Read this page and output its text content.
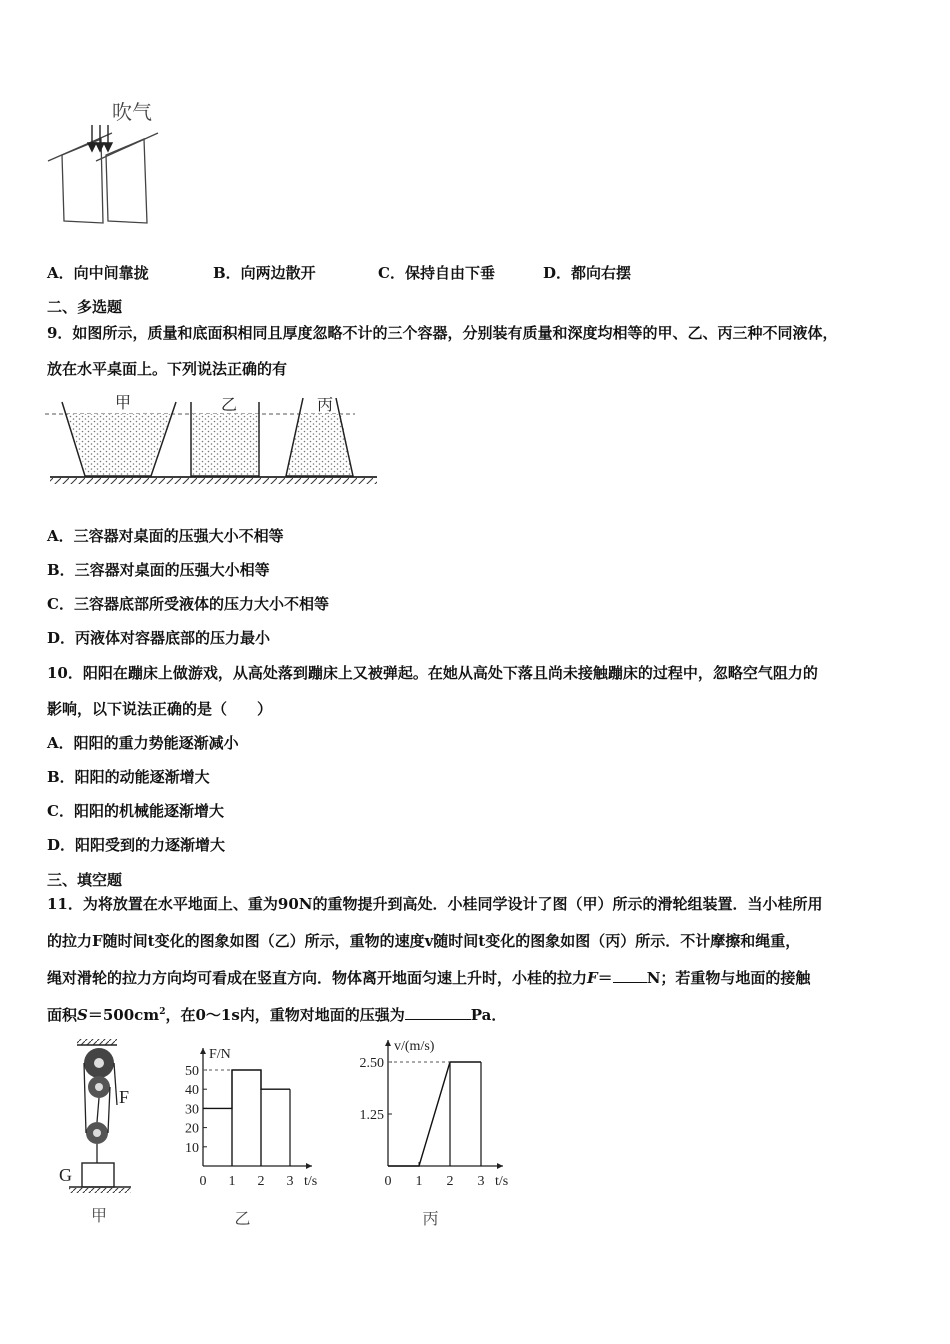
吹气
A．向中间靠拢	B．向两边散开	C．保持自由下垂	D．都向右摆
二、多选题
9．如图所示，质量和底面积相同且厚度忽略不计的三个容器，分别装有质量和深度均相等的甲、乙、丙三种不同液体，
放在水平桌面上。下列说法正确的有
甲	乙	丙
A．三容器对桌面的压强大小不相等
B．三容器对桌面的压强大小相等
C．三容器底部所受液体的压力大小不相等
D．丙液体对容器底部的压力最小
10．阳阳在蹦床上做游戏，从高处落到蹦床上又被弹起。在她从高处下落且尚未接触蹦床的过程中，忽略空气阻力的
影响，以下说法正确的是（　　）
A．阳阳的重力势能逐渐减小
B．阳阳的动能逐渐增大
C．阳阳的机械能逐渐增大
D．阳阳受到的力逐渐增大
三、填空题
11．为将放置在水平地面上、重为90N的重物提升到高处．小桂同学设计了图（甲）所示的滑轮组装置．当小桂所用
的拉力F随时间t变化的图象如图（乙）所示，重物的速度v随时间t变化的图象如图（丙）所示．不计摩擦和绳重，
绳对滑轮的拉力方向均可看成在竖直方向．物体离开地面匀速上升时，小桂的拉力F＝ N；若重物与地面的接触
面积$S=500cm^2$，在0～1s内，重物对地面的压强为	Pa．
F
G
甲
10
20
30
40
50
0 1 2 3
F/N
t/s
乙
1.25
2.50
0 1 2 3
v/(m/s)
t/s
丙
